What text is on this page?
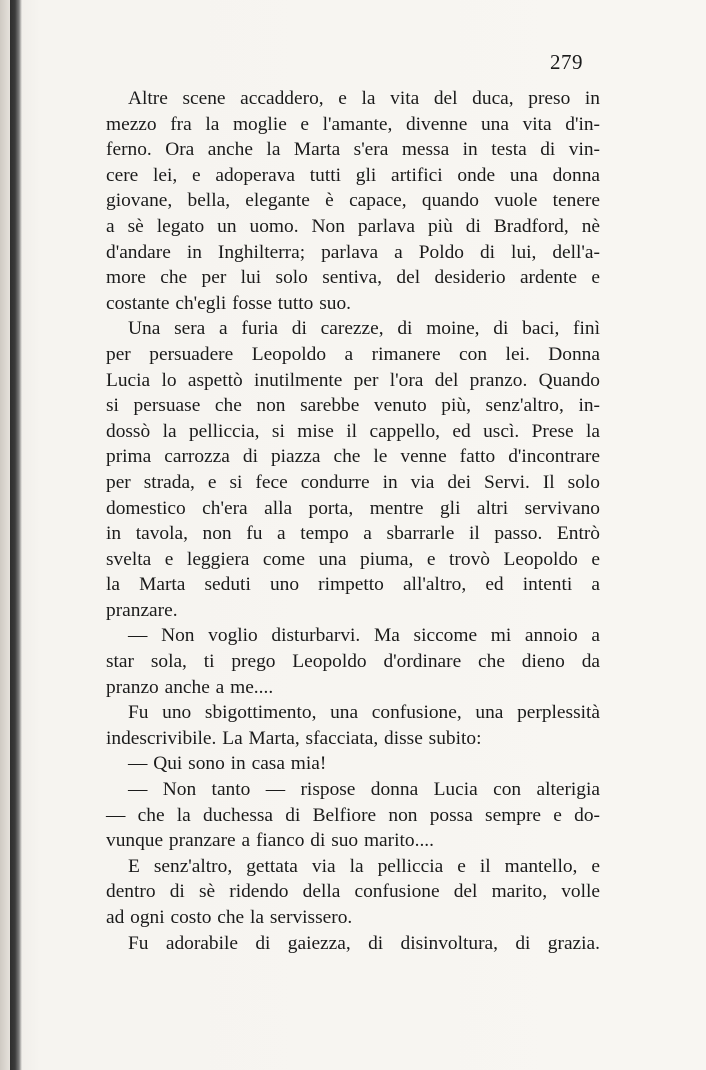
279
Altre scene accaddero, e la vita del duca, preso in
mezzo fra la moglie e l'amante, divenne una vita d'in-
ferno. Ora anche la Marta s'era messa in testa di vin-
cere lei, e adoperava tutti gli artifici onde una donna
giovane, bella, elegante è capace, quando vuole tenere
a sè legato un uomo. Non parlava più di Bradford, nè
d'andare in Inghilterra; parlava a Poldo di lui, dell'a-
more che per lui solo sentiva, del desiderio ardente e
costante ch'egli fosse tutto suo.
Una sera a furia di carezze, di moine, di baci, finì
per persuadere Leopoldo a rimanere con lei. Donna
Lucia lo aspettò inutilmente per l'ora del pranzo. Quando
si persuase che non sarebbe venuto più, senz'altro, in-
dossò la pelliccia, si mise il cappello, ed uscì. Prese la
prima carrozza di piazza che le venne fatto d'incontrare
per strada, e si fece condurre in via dei Servi. Il solo
domestico ch'era alla porta, mentre gli altri servivano
in tavola, non fu a tempo a sbarrarle il passo. Entrò
svelta e leggiera come una piuma, e trovò Leopoldo e
la Marta seduti uno rimpetto all'altro, ed intenti a
pranzare.
— Non voglio disturbarvi. Ma siccome mi annoio a
star sola, ti prego Leopoldo d'ordinare che dieno da
pranzo anche a me....
Fu uno sbigottimento, una confusione, una perplessità
indescrivibile. La Marta, sfacciata, disse subito:
— Qui sono in casa mia!
— Non tanto — rispose donna Lucia con alterigia
— che la duchessa di Belfiore non possa sempre e do-
vunque pranzare a fianco di suo marito....
E senz'altro, gettata via la pelliccia e il mantello, e
dentro di sè ridendo della confusione del marito, volle
ad ogni costo che la servissero.
Fu adorabile di gaiezza, di disinvoltura, di grazia.
